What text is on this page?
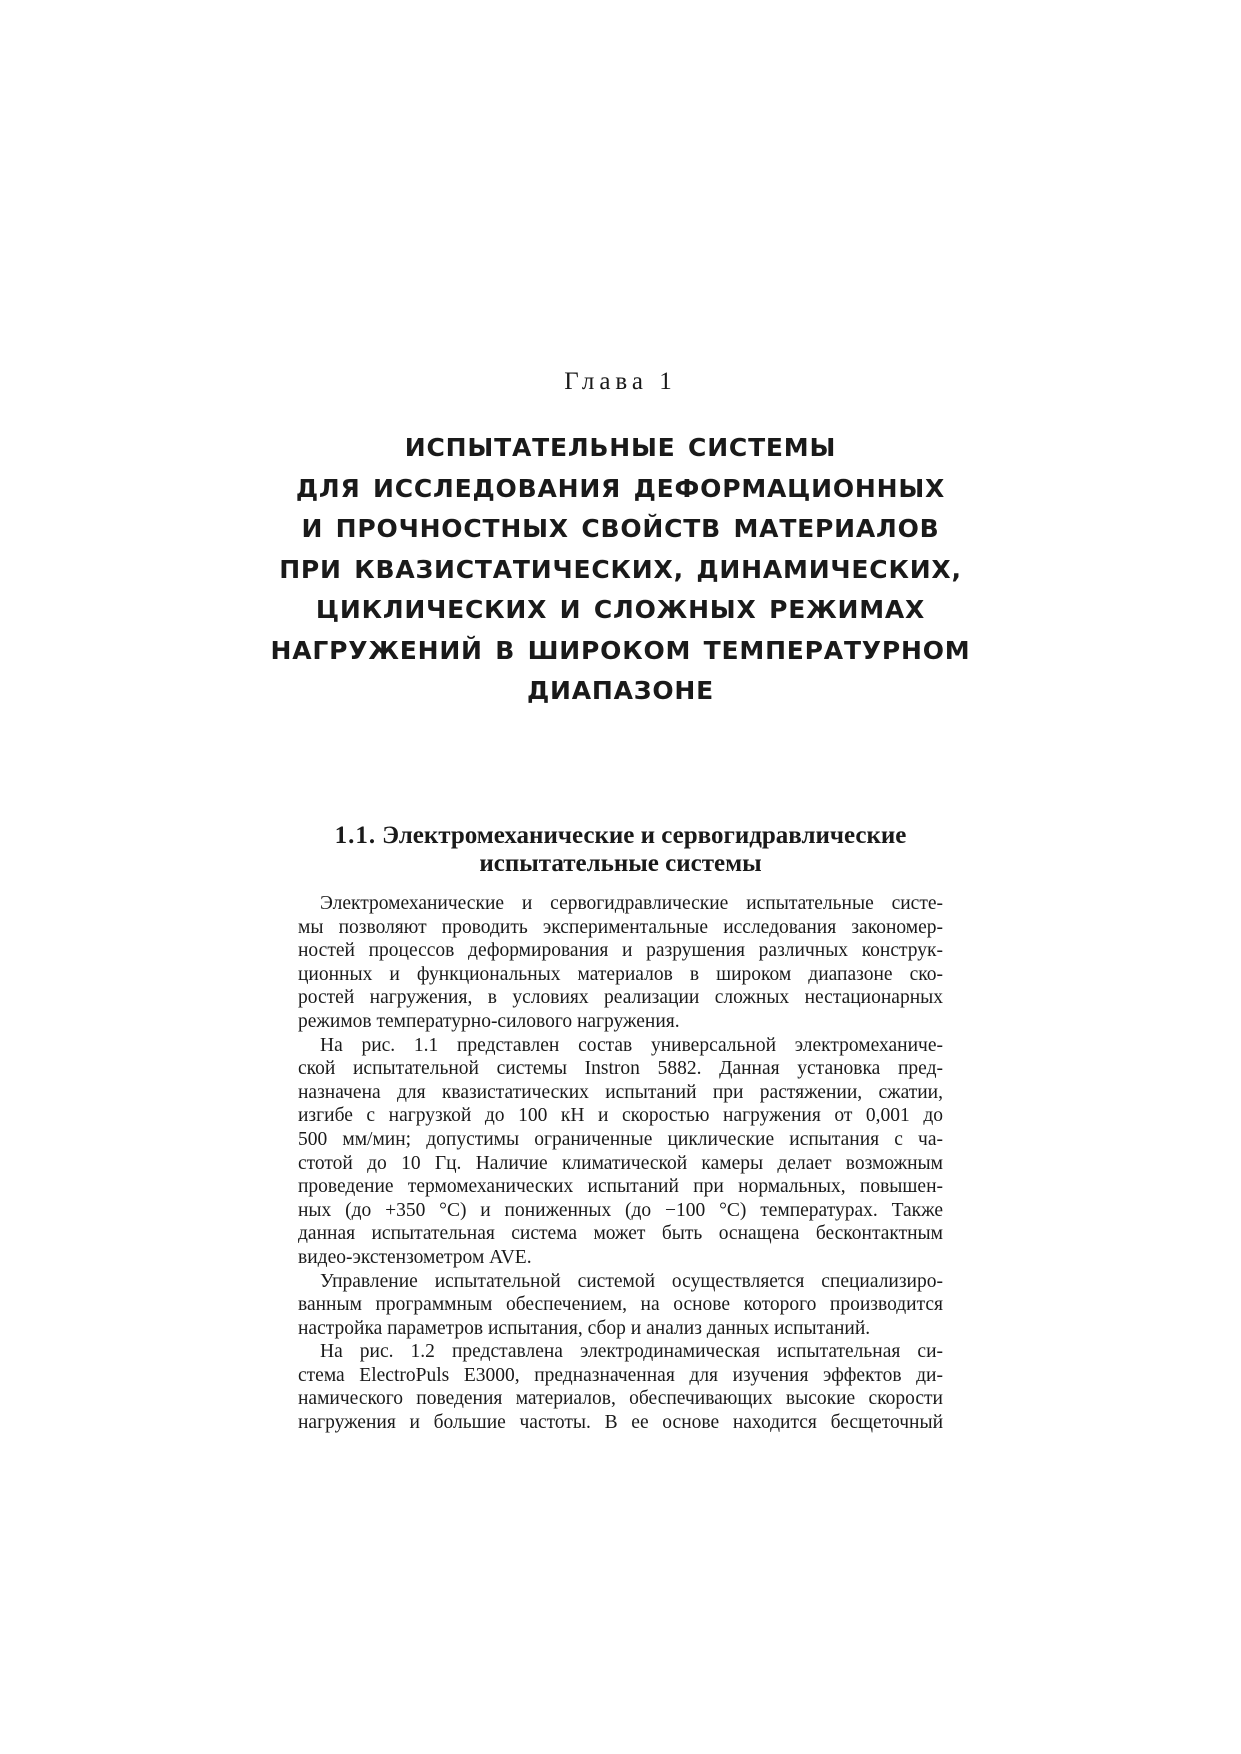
Глава 1
ИСПЫТАТЕЛЬНЫЕ СИСТЕМЫ
ДЛЯ ИССЛЕДОВАНИЯ ДЕФОРМАЦИОННЫХ
И ПРОЧНОСТНЫХ СВОЙСТВ МАТЕРИАЛОВ
ПРИ КВАЗИСТАТИЧЕСКИХ, ДИНАМИЧЕСКИХ,
ЦИКЛИЧЕСКИХ И СЛОЖНЫХ РЕЖИМАХ
НАГРУЖЕНИЙ В ШИРОКОМ ТЕМПЕРАТУРНОМ
ДИАПАЗОНЕ
1.1. Электромеханические и сервогидравлические
испытательные системы
Электромеханические и сервогидравлические испытательные систе-
мы позволяют проводить экспериментальные исследования закономер-
ностей процессов деформирования и разрушения различных конструк-
ционных и функциональных материалов в широком диапазоне ско-
ростей нагружения, в условиях реализации сложных нестационарных
режимов температурно-силового нагружения.
На рис. 1.1 представлен состав универсальной электромеханиче-
ской испытательной системы Instron 5882. Данная установка пред-
назначена для квазистатических испытаний при растяжении, сжатии,
изгибе с нагрузкой до 100 кН и скоростью нагружения от 0,001 до
500 мм/мин; допустимы ограниченные циклические испытания с ча-
стотой до 10 Гц. Наличие климатической камеры делает возможным
проведение термомеханических испытаний при нормальных, повышен-
ных (до +350 °C) и пониженных (до −100 °C) температурах. Также
данная испытательная система может быть оснащена бесконтактным
видео-экстензометром AVE.
Управление испытательной системой осуществляется специализиро-
ванным программным обеспечением, на основе которого производится
настройка параметров испытания, сбор и анализ данных испытаний.
На рис. 1.2 представлена электродинамическая испытательная си-
стема ElectroPuls E3000, предназначенная для изучения эффектов ди-
намического поведения материалов, обеспечивающих высокие скорости
нагружения и большие частоты. В ее основе находится бесщеточный
